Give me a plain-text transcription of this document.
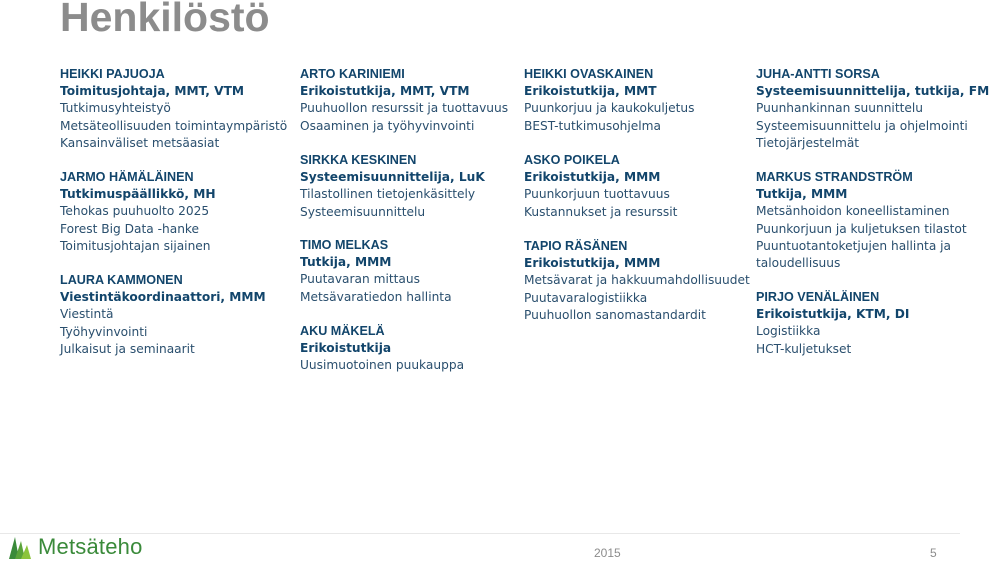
Henkilöstö
HEIKKI PAJUOJA
Toimitusjohtaja, MMT, VTM
Tutkimusyhteistyö
Metsäteollisuuden toimintaympäristö
Kansainväliset metsäasiat
JARMO HÄMÄLÄINEN
Tutkimuspäällikkö, MH
Tehokas puuhuolto 2025
Forest Big Data -hanke
Toimitusjohtajan sijainen
LAURA KAMMONEN
Viestintäkoordinaattori, MMM
Viestintä
Työhyvinvointi
Julkaisut ja seminaarit
ARTO KARINIEMI
Erikoistutkija, MMT, VTM
Puuhuollon resurssit ja tuottavuus
Osaaminen ja työhyvinvointi
SIRKKA KESKINEN
Systeemisuunnittelija, LuK
Tilastollinen tietojenkäsittely
Systeemisuunnittelu
TIMO MELKAS
Tutkija, MMM
Puutavaran mittaus
Metsävaratiedon hallinta
AKU MÄKELÄ
Erikoistutkija
Uusimuotoinen puukauppa
HEIKKI OVASKAINEN
Erikoistutkija, MMT
Puunkorjuu ja kaukokuljetus
BEST-tutkimusohjelma
ASKO POIKELA
Erikoistutkija, MMM
Puunkorjuun tuottavuus
Kustannukset ja resurssit
TAPIO RÄSÄNEN
Erikoistutkija, MMM
Metsävarat ja hakkuumahdollisuudet
Puutavaralogistiikka
Puuhuollon sanomastandardit
JUHA-ANTTI SORSA
Systeemisuunnittelija, tutkija, FM
Puunhankinnan suunnittelu
Systeemisuunnittelu ja ohjelmointi
Tietojärjestelmät
MARKUS STRANDSTRÖM
Tutkija, MMM
Metsänhoidon koneellistaminen
Puunkorjuun ja kuljetuksen tilastot
Puuntuotantoketjujen hallinta ja
taloudellisuus
PIRJO VENÄLÄINEN
Erikoistutkija, KTM, DI
Logistiikka
HCT-kuljetukset
Metsäteho	2015	5
